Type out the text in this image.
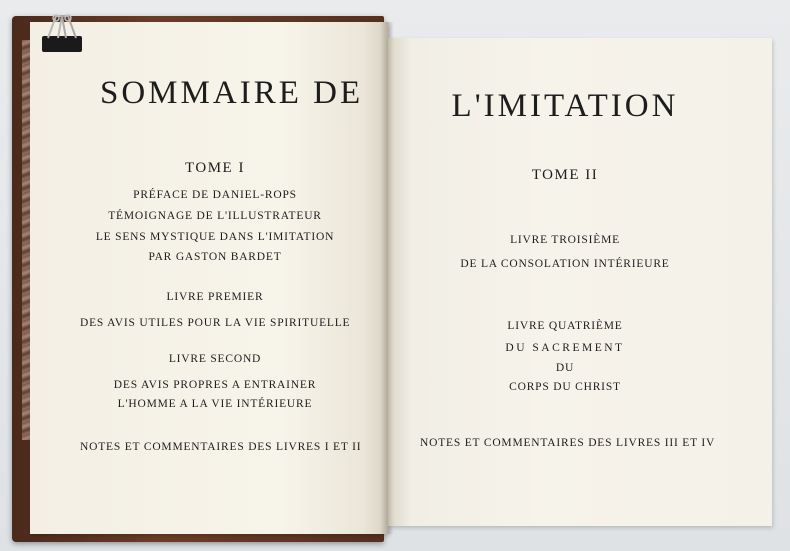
SOMMAIRE DE
TOME I
PRÉFACE DE DANIEL-ROPS
TÉMOIGNAGE DE L'ILLUSTRATEUR
LE SENS MYSTIQUE DANS L'IMITATION
PAR GASTON BARDET
LIVRE PREMIER
DES AVIS UTILES POUR LA VIE SPIRITUELLE
LIVRE SECOND
DES AVIS PROPRES A ENTRAINER
L'HOMME A LA VIE INTÉRIEURE
NOTES ET COMMENTAIRES DES LIVRES I ET II
L'IMITATION
TOME II
LIVRE TROISIÈME
DE LA CONSOLATION INTÉRIEURE
LIVRE QUATRIÈME
DU SACREMENT
DU
CORPS DU CHRIST
NOTES ET COMMENTAIRES DES LIVRES III ET IV
